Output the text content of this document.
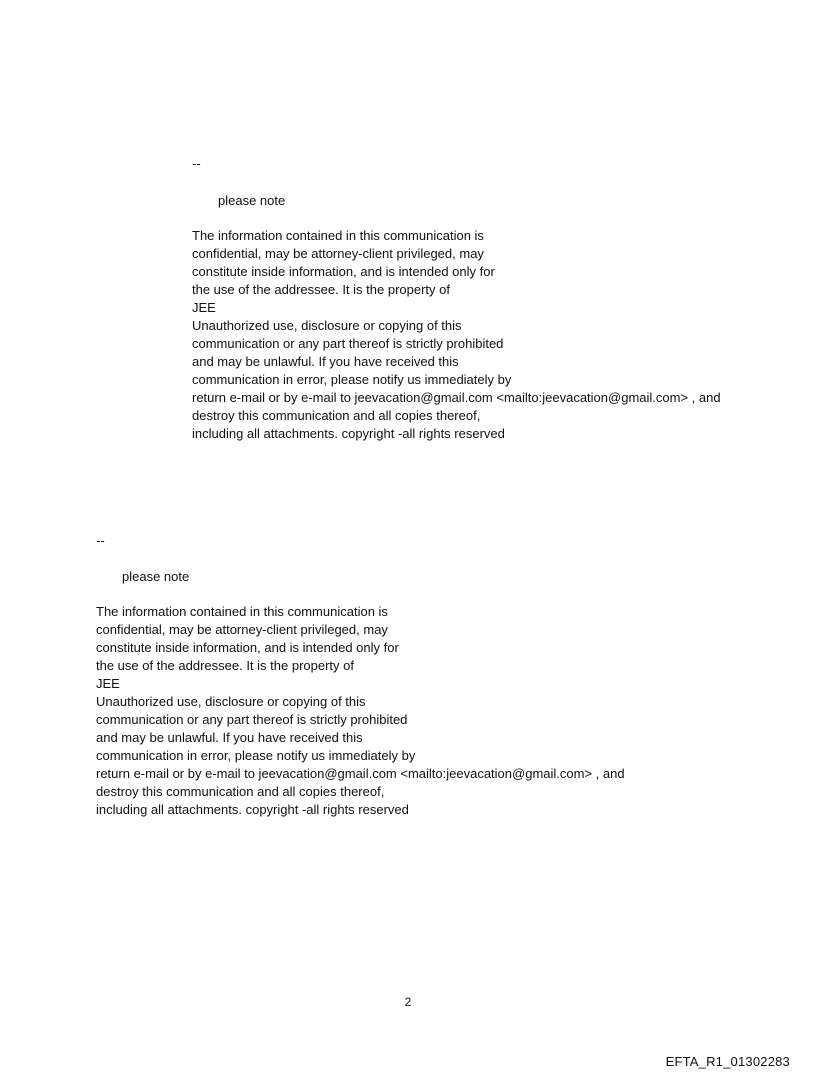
--
please note
The information contained in this communication is
confidential, may be attorney-client privileged, may
constitute inside information, and is intended only for
the use of the addressee. It is the property of
JEE
Unauthorized use, disclosure or copying of this
communication or any part thereof is strictly prohibited
and may be unlawful. If you have received this
communication in error, please notify us immediately by
return e-mail or by e-mail to jeevacation@gmail.com <mailto:jeevacation@gmail.com> , and
destroy this communication and all copies thereof,
including all attachments. copyright -all rights reserved
--
please note
The information contained in this communication is
confidential, may be attorney-client privileged, may
constitute inside information, and is intended only for
the use of the addressee. It is the property of
JEE
Unauthorized use, disclosure or copying of this
communication or any part thereof is strictly prohibited
and may be unlawful. If you have received this
communication in error, please notify us immediately by
return e-mail or by e-mail to jeevacation@gmail.com <mailto:jeevacation@gmail.com> , and
destroy this communication and all copies thereof,
including all attachments. copyright -all rights reserved
2
EFTA_R1_01302283
